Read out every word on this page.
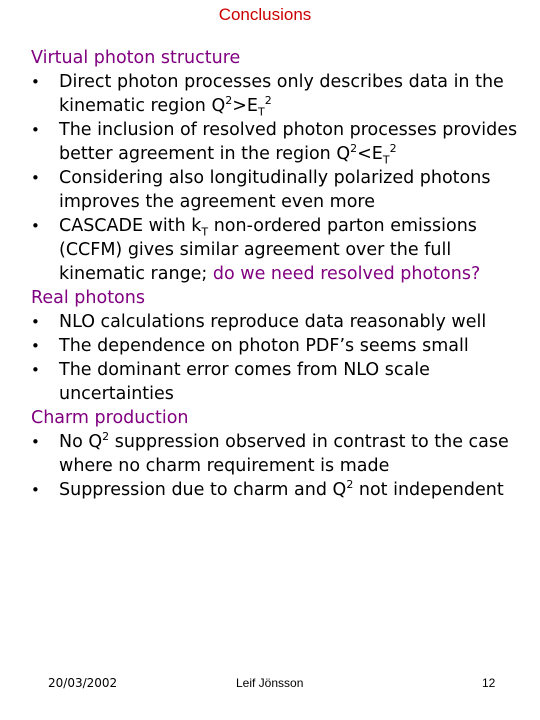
Conclusions
Virtual photon structure
• Direct photon processes only describes data in the kinematic region $Q^2>E_T^2$
• The inclusion of resolved photon processes provides better agreement in the region $Q^2<E_T^2$
• Considering also longitudinally polarized photons improves the agreement even more
• CASCADE with $k_T$ non-ordered parton emissions (CCFM) gives similar agreement over the full kinematic range; do we need resolved photons?
Real photons
• NLO calculations reproduce data reasonably well
• The dependence on photon PDF’s seems small
• The dominant error comes from NLO scale uncertainties
Charm production
• No $Q^2$ suppression observed in contrast to the case where no charm requirement is made
• Suppression due to charm and $Q^2$ not independent
20/03/2002	Leif Jönsson	12
